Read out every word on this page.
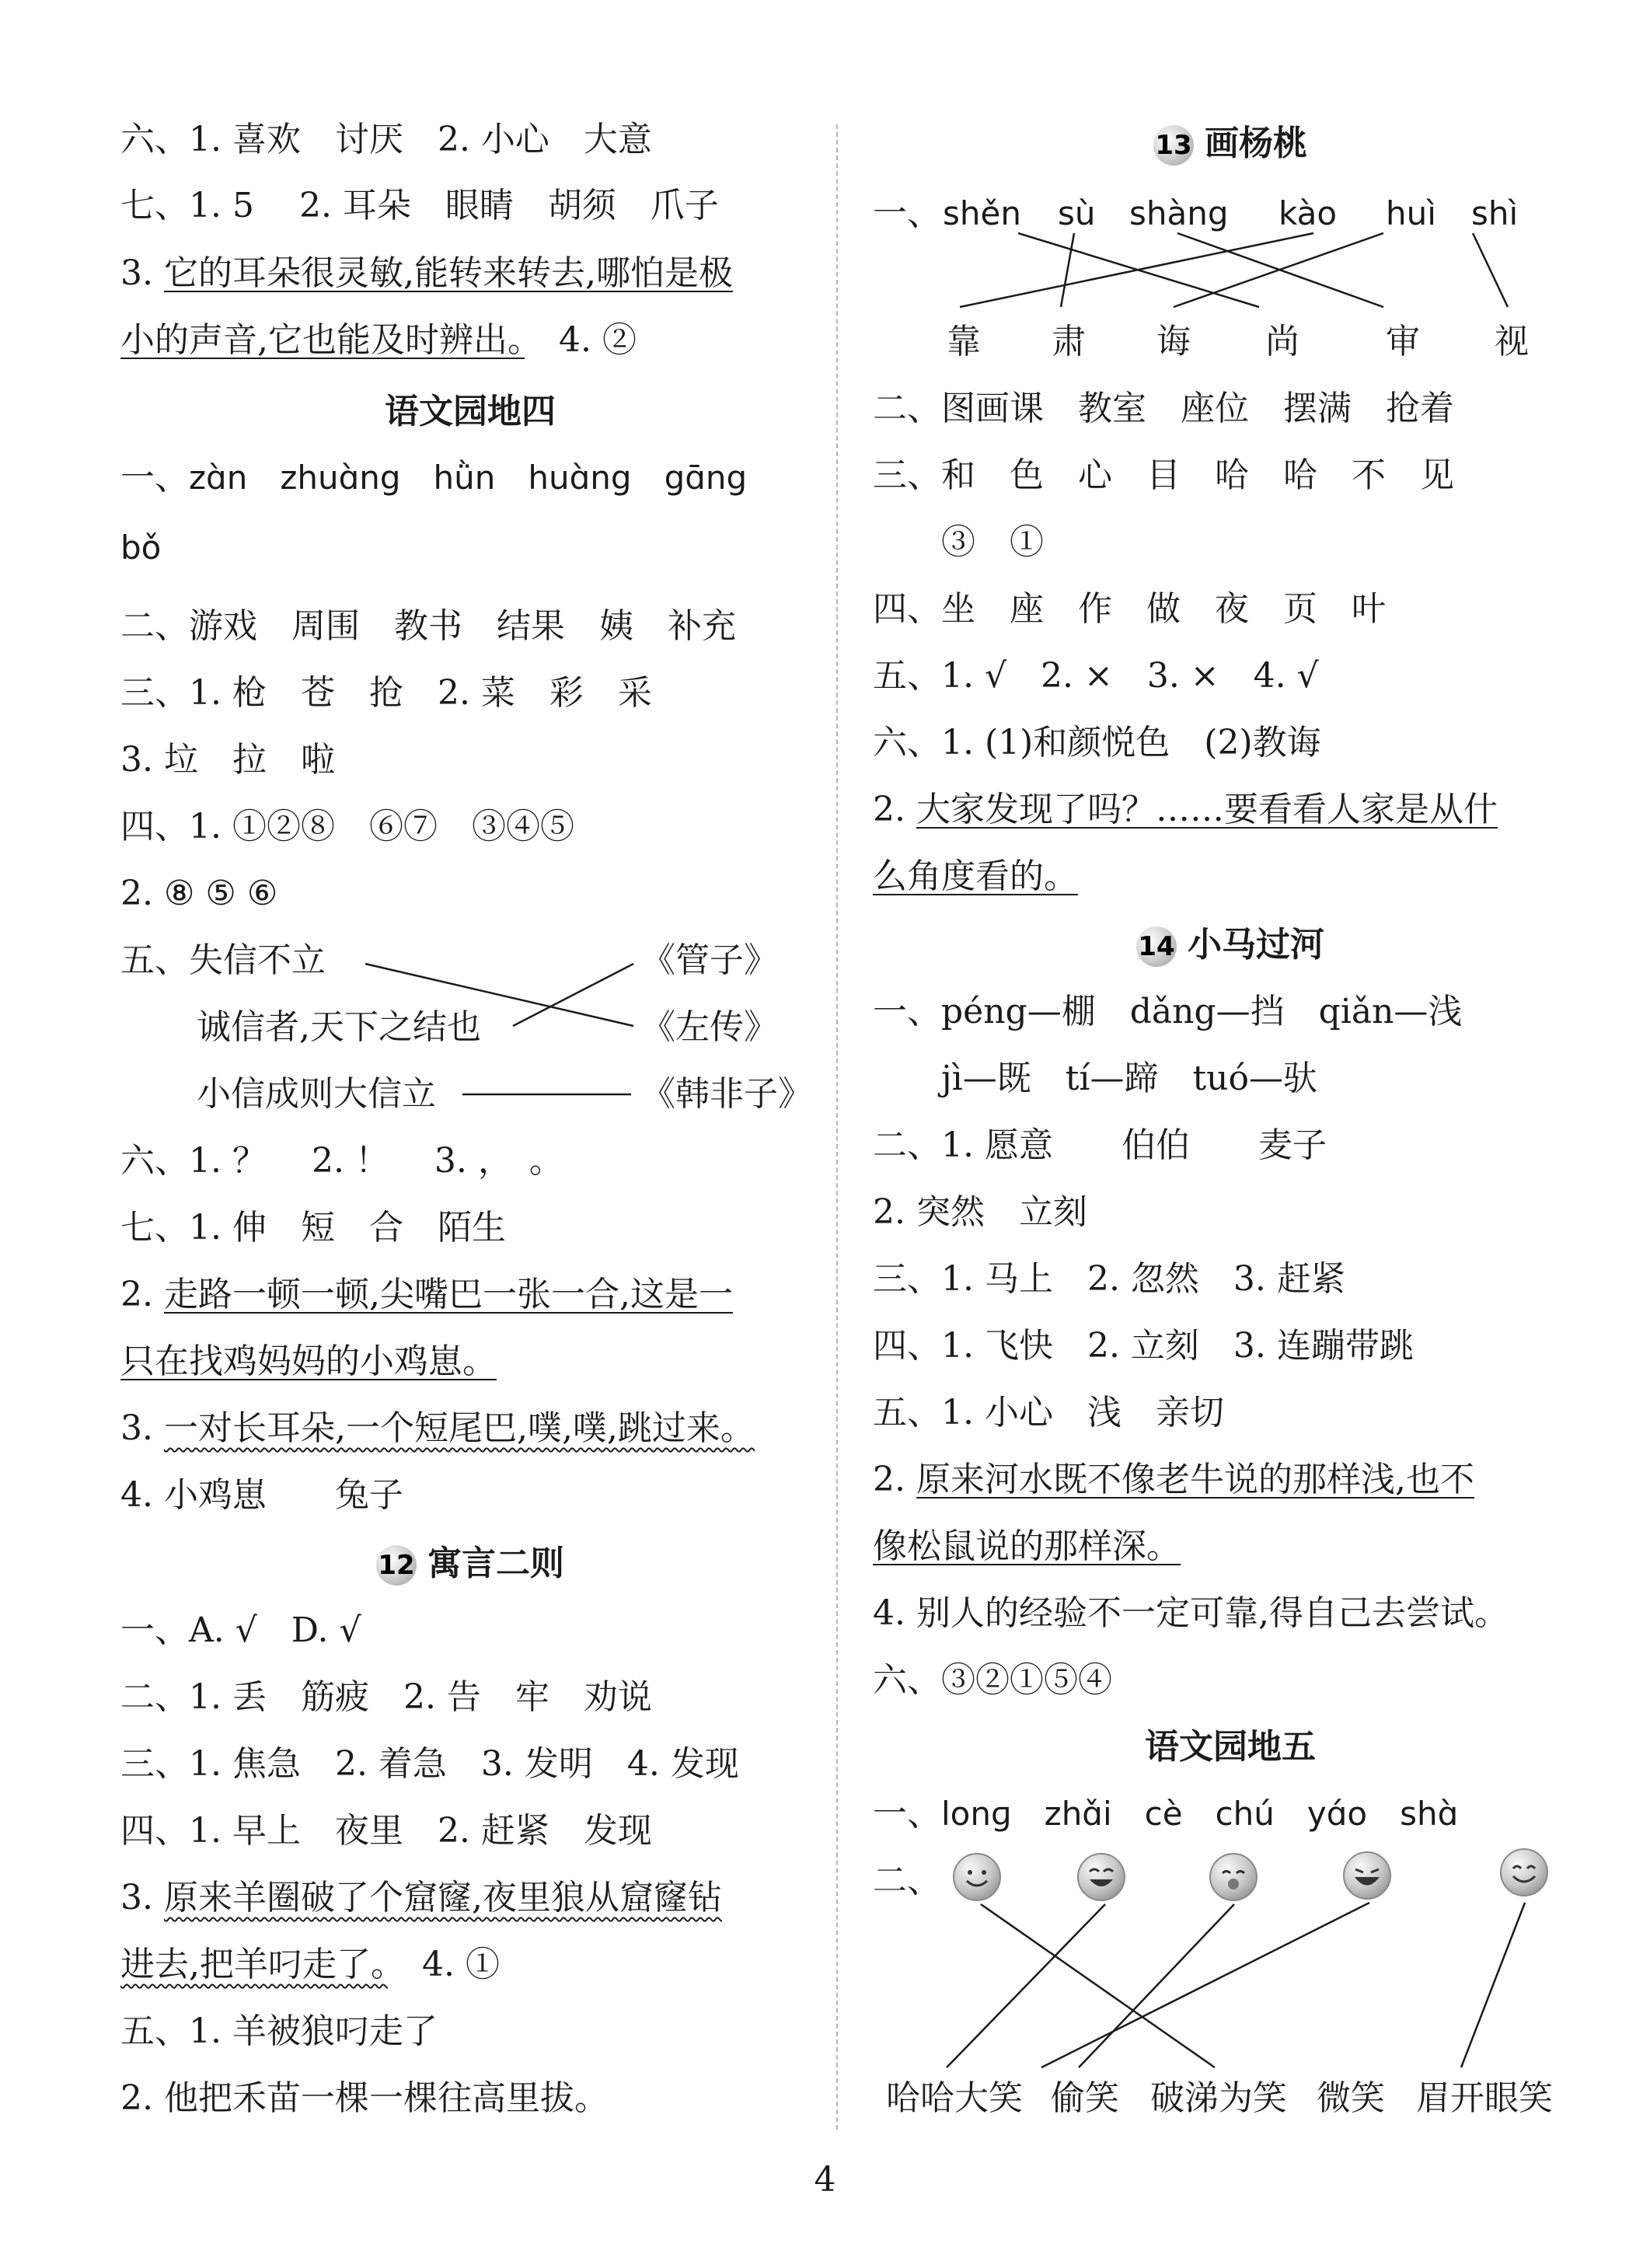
六、1. 喜欢　讨厌　2. 小心　大意
七、1. 5　 2. 耳朵　眼睛　胡须　爪子
3. 它的耳朵很灵敏,能转来转去,哪怕是极
小的声音,它也能及时辨出。　4. ②
语文园地四
一、zɑ̀n　zhuɑ̀ng　hǜn　huɑ̀ng　gɑ̄ng
bǒ
二、游戏　周围　教书　结果　姨　补充
三、1. 枪　苍　抢　2. 菜　彩　采
3. 垃　拉　啦
四、1. ①②⑧　⑥⑦　③④⑤
2. ⑧ ⑤ ⑥
五、失信不立
诚信者,天下之结也
小信成则大信立
《管子》
《左传》
《韩非子》
六、1. ？　 2. ！　 3. ，　。
七、1. 伸　短　合　陌生
2. 走路一顿一顿,尖嘴巴一张一合,这是一
只在找鸡妈妈的小鸡崽。
3. 一对长耳朵,一个短尾巴,噗,噗,跳过来。
4. 小鸡崽　　兔子
12 寓言二则
一、A. √　D. √
二、1. 丢　筋疲　2. 告　牢　劝说
三、1. 焦急　2. 着急　3. 发明　4. 发现
四、1. 早上　夜里　2. 赶紧　发现
3. 原来羊圈破了个窟窿,夜里狼从窟窿钻
进去,把羊叼走了。　4. ①
五、1. 羊被狼叼走了
2. 他把禾苗一棵一棵往高里拔。
13 画杨桃
一、 shěn sù shàng kào huì shì
靠 肃 诲 尚	审 视
二、图画课　教室　座位　摆满　抢着
三、和　色　心　目　哈　哈　不　见
　　③　①
四、坐　座　作　做　夜　页　叶
五、1. √　2. ×　3. ×　4. √
六、1. (1)和颜悦色　(2)教诲
2. 大家发现了吗？……要看看人家是从什
么角度看的。
14 小马过河
一、péng—棚　dǎng—挡　qiǎn—浅
　　jì—既　tí—蹄　tuó—驮
二、1. 愿意　　伯伯　　麦子
2. 突然　立刻
三、1. 马上　2. 忽然　3. 赶紧
四、1. 飞快　2. 立刻　3. 连蹦带跳
五、1. 小心　浅　亲切
2. 原来河水既不像老牛说的那样浅,也不
像松鼠说的那样深。
4. 别人的经验不一定可靠,得自己去尝试。
六、③②①⑤④
语文园地五
一、lonɡ　zhɑ̌i　cè　chú　yɑ́o　shɑ̀
二、
哈哈大笑 偷笑 破涕为笑 微笑 眉开眼笑
4
